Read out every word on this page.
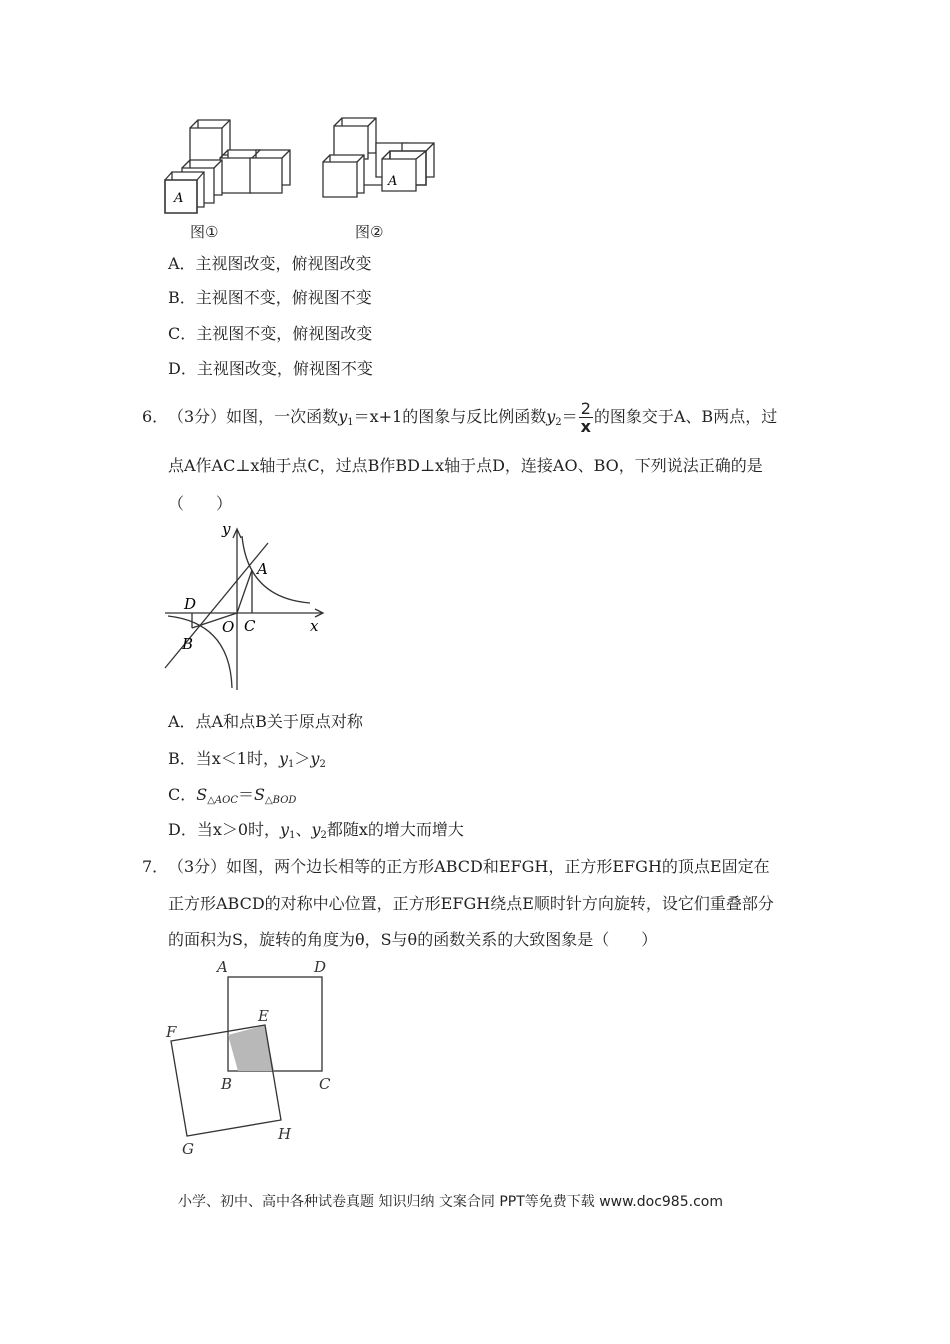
A
A
图①	图②
A．主视图改变，俯视图改变
B．主视图不变，俯视图不变
C．主视图不变，俯视图改变
D．主视图改变，俯视图不变
6． （3分）如图，一次函数$y_1=x+1$的图象与反比例函数$y_2= \frac{2}{x}$ 的图象交于A、B两点，过
点A作AC⊥x轴于点C，过点B作BD⊥x轴于点D，连接AO、BO，下列说法正确的是
（　　）
y
x
A
B
C
D
O
A．点A和点B关于原点对称
B．当x＜1时，$y_1>y_2$
C．$S_{\triangle AOC}=S_{\triangle BOD}$
D．当x＞0时，$y_1$、$y_2$都随x的增大而增大
7． （3分）如图，两个边长相等的正方形ABCD和EFGH，正方形EFGH的顶点E固定在
正方形ABCD的对称中心位置，正方形EFGH绕点E顺时针方向旋转，设它们重叠部分
的面积为S，旋转的角度为θ，S与θ的函数关系的大致图象是（　　）
A	D
E
F
B	C
G
H
小学、初中、高中各种试卷真题 知识归纳 文案合同 PPT等免费下载 www.doc985.com
